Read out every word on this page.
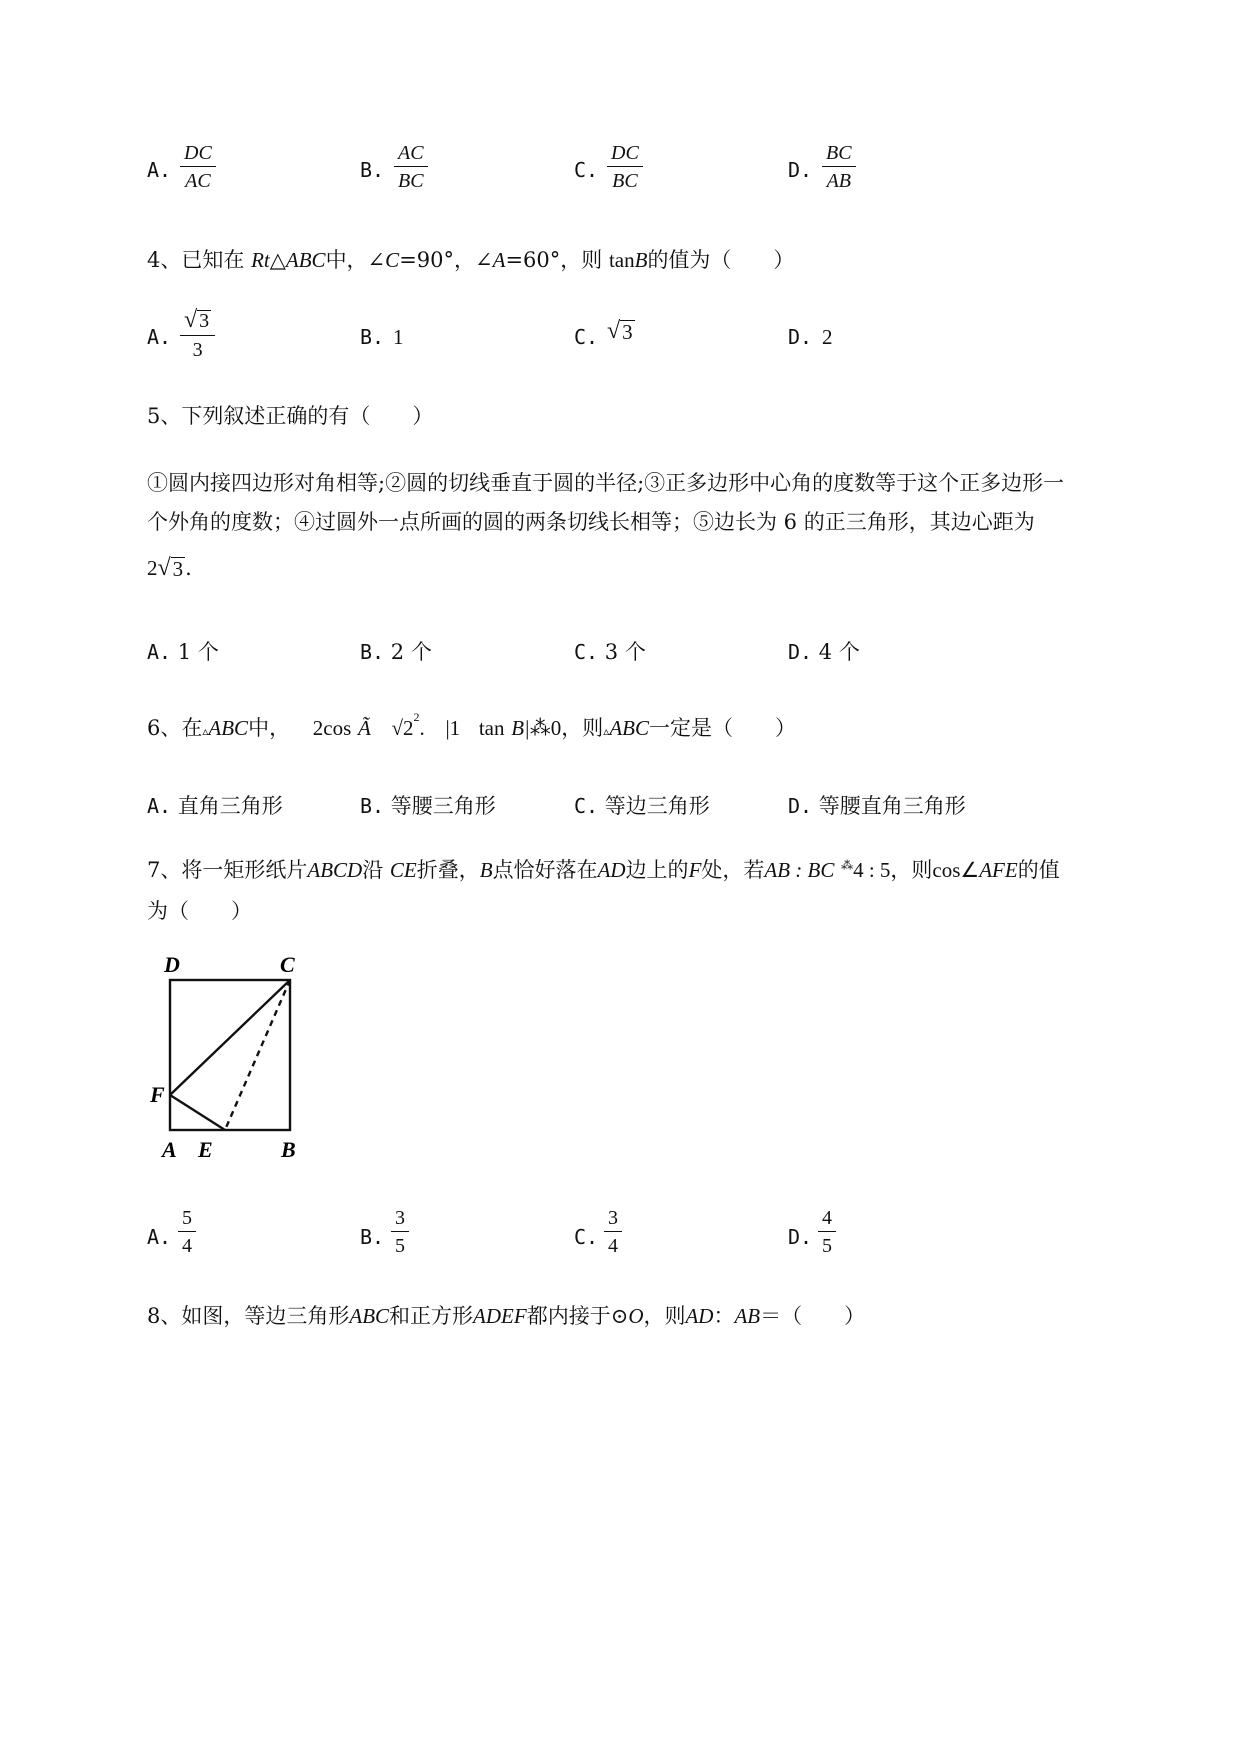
A. $\frac{DC}{AC}$	B. $\frac{AC}{BC}$	C. $\frac{DC}{BC}$	D. $\frac{BC}{AB}$
4、已知在 Rt△ABC中，∠C=90°，∠A=60°，则 tanB的值为（　　）
A. $\frac{√ 3}{3}$	B. 1	C. √ 3	D. 2
5、下列叙述正确的有（　　）
①圆内接四边形对角相等;②圆的切线垂直于圆的半径;③正多边形中心角的度数等于这个正多边形一
个外角的度数；④过圆外一点所画的圆的两条切线长相等；⑤边长为 6 的正三角形，其边心距为
2 √ 3 .
A. 1 个	B. 2 个	C. 3 个	D. 4 个
6、在▵ABC中， 2cos Ã $√2^2$. |1 tan B|⁂0，则▵ABC一定是（　　）
A. 直角三角形	B. 等腰三角形	C. 等边三角形	D. 等腰直角三角形
7、将一矩形纸片ABCD沿 CE折叠，B点恰好落在AD边上的F处，若AB : BC ⁂4 : 5，则cos∠AFE的值
为（　　）
D	C
F
A E	B
A. $\frac{5}{4}$	B. $\frac{3}{5}$	C. $\frac{3}{4}$	D. $\frac{4}{5}$
8、如图，等边三角形ABC和正方形ADEF都内接于⊙O，则AD：AB＝（　　）
